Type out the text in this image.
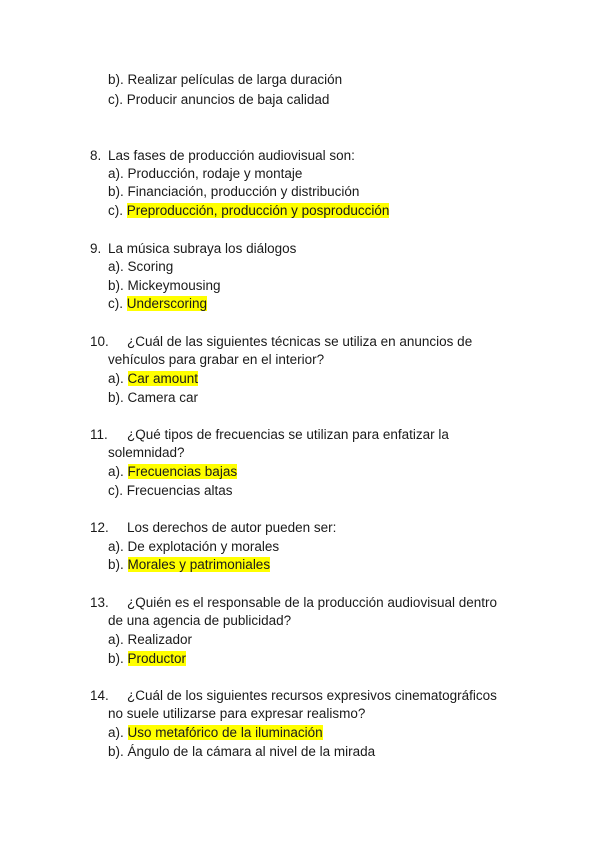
b). Realizar películas de larga duración
c). Producir anuncios de baja calidad
8. Las fases de producción audiovisual son:
a). Producción, rodaje y montaje
b). Financiación, producción y distribución
c). Preproducción, producción y posproducción
9. La música subraya los diálogos
a). Scoring
b). Mickeymousing
c). Underscoring
10. ¿Cuál de las siguientes técnicas se utiliza en anuncios de
vehículos para grabar en el interior?
a). Car amount
b). Camera car
11. ¿Qué tipos de frecuencias se utilizan para enfatizar la
solemnidad?
a). Frecuencias bajas
c). Frecuencias altas
12. Los derechos de autor pueden ser:
a). De explotación y morales
b). Morales y patrimoniales
13. ¿Quién es el responsable de la producción audiovisual dentro
de una agencia de publicidad?
a). Realizador
b). Productor
14. ¿Cuál de los siguientes recursos expresivos cinematográficos
no suele utilizarse para expresar realismo?
a). Uso metafórico de la iluminación
b). Ángulo de la cámara al nivel de la mirada
